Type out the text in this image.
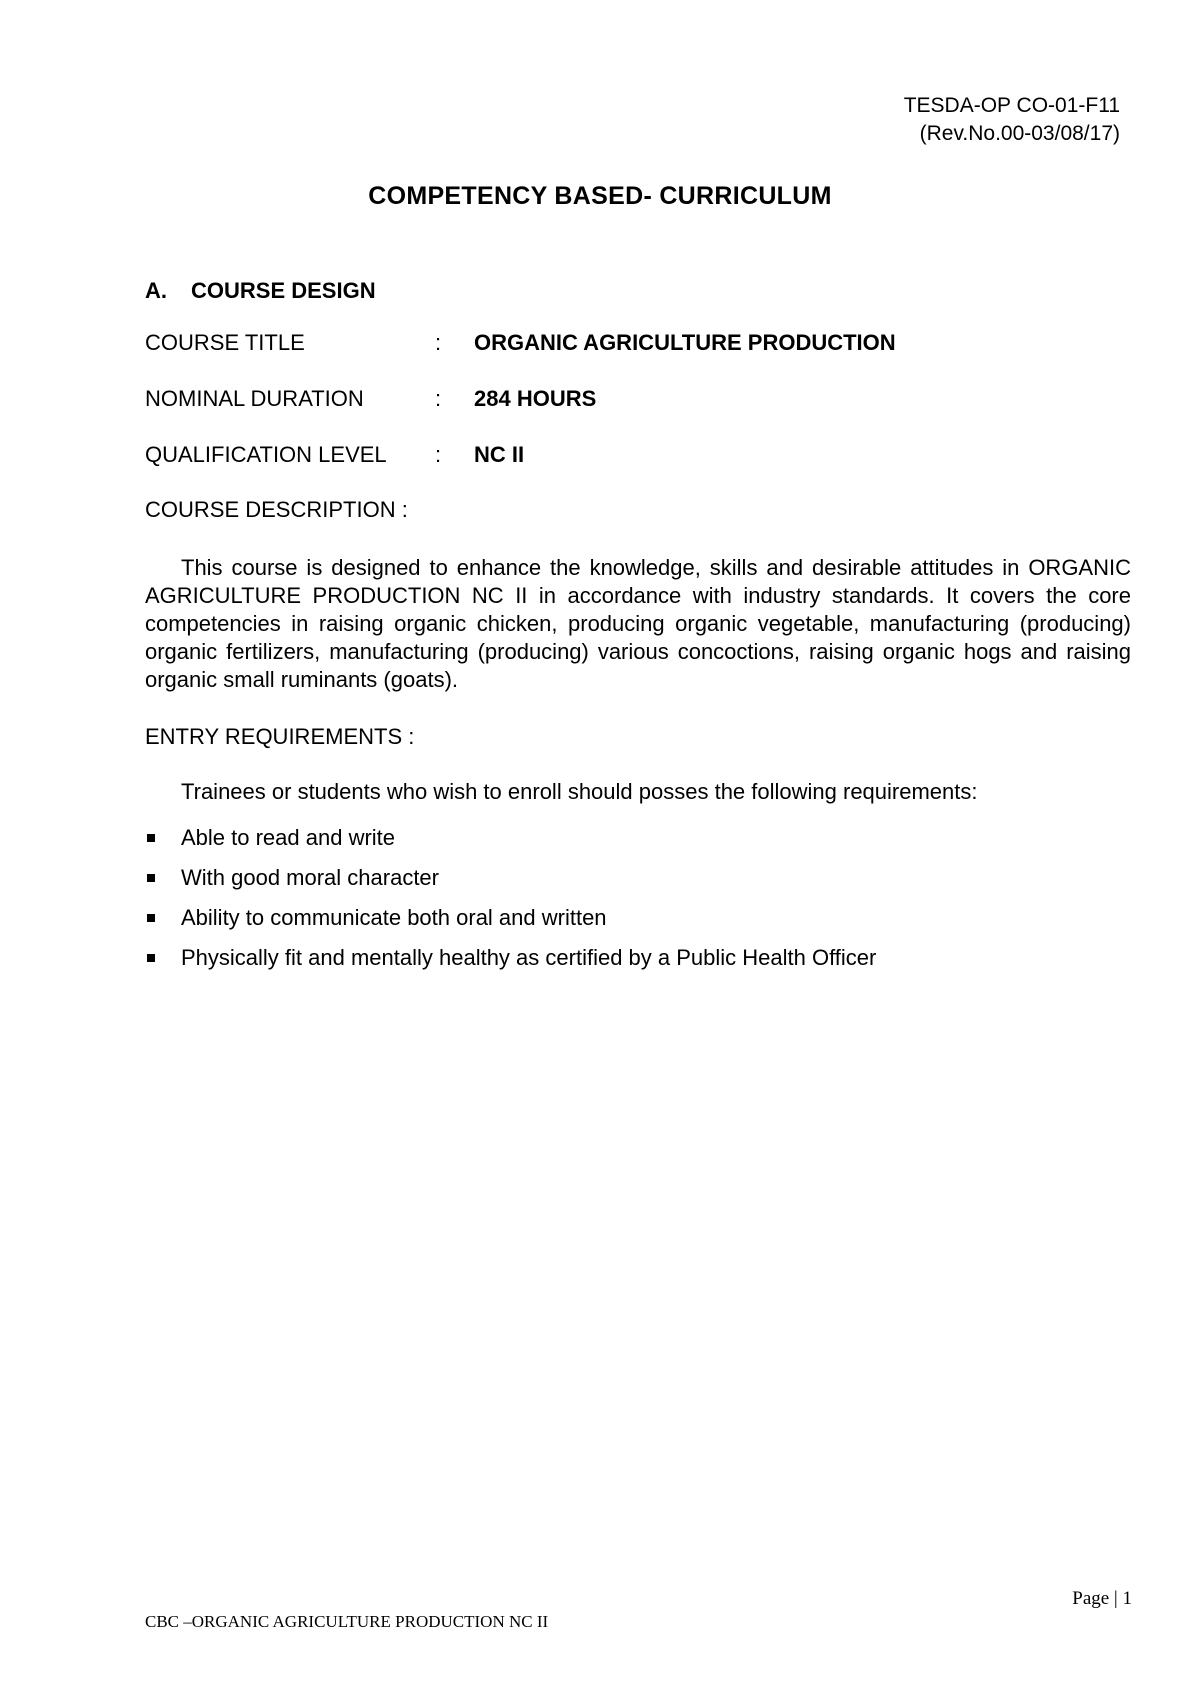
TESDA-OP CO-01-F11
(Rev.No.00-03/08/17)
COMPETENCY BASED- CURRICULUM
A. COURSE DESIGN
COURSE TITLE	: ORGANIC AGRICULTURE PRODUCTION
NOMINAL DURATION	: 284 HOURS
QUALIFICATION LEVEL : NC II
COURSE DESCRIPTION :

This course is designed to enhance the knowledge, skills and desirable attitudes in ORGANIC AGRICULTURE PRODUCTION NC II in accordance with industry standards. It covers the core competencies in raising organic chicken, producing organic vegetable, manufacturing (producing) organic fertilizers, manufacturing (producing) various concoctions, raising organic hogs and raising organic small ruminants (goats).

ENTRY REQUIREMENTS :
Trainees or students who wish to enroll should posses the following requirements:
Able to read and write
With good moral character
Ability to communicate both oral and written
Physically fit and mentally healthy as certified by a Public Health Officer
Page | 1
CBC –ORGANIC AGRICULTURE PRODUCTION NC II
